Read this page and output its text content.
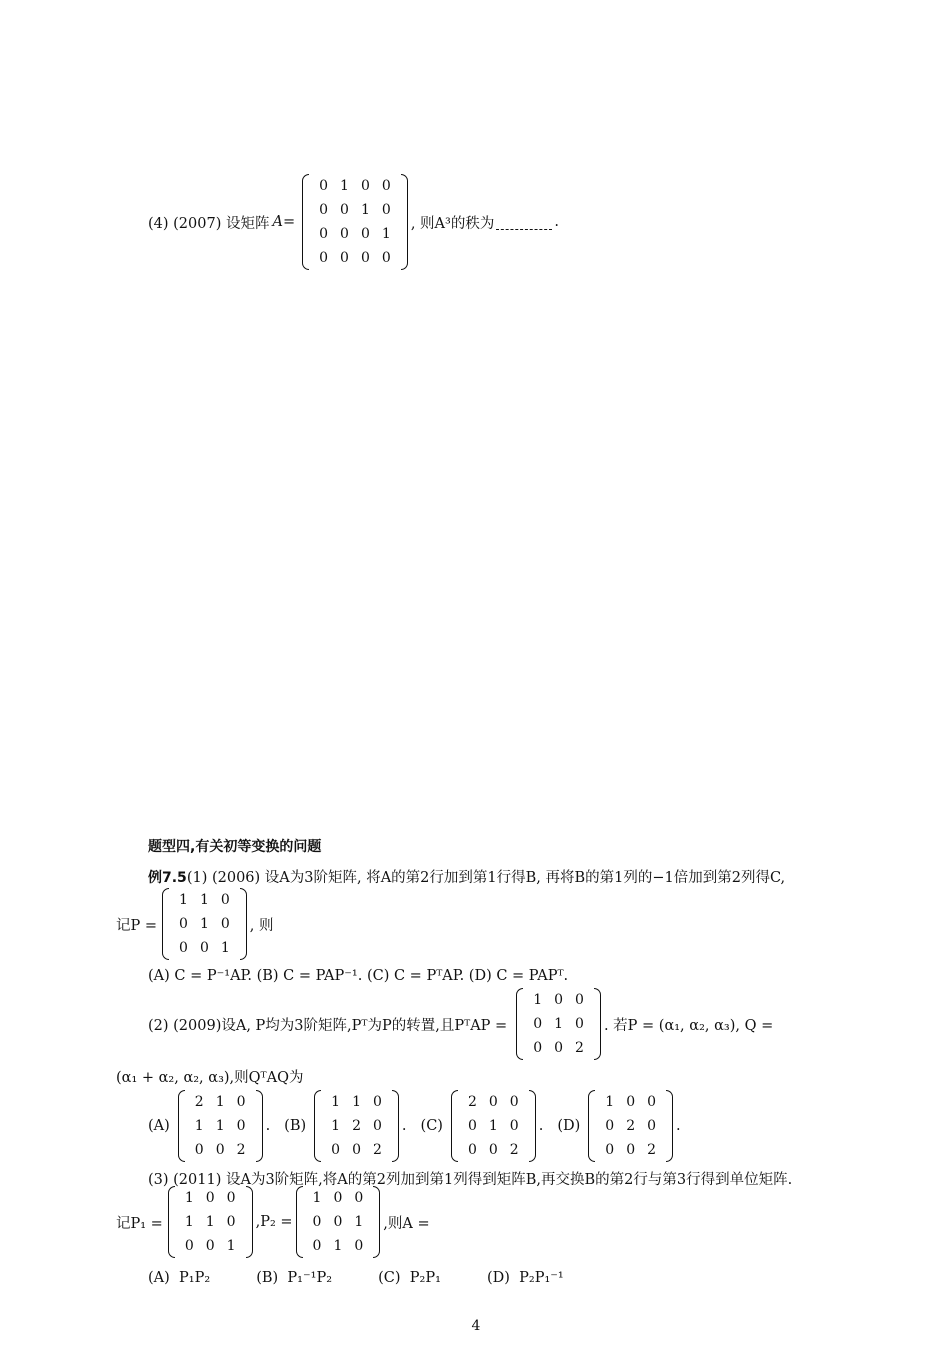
(4) (2007) 设矩阵 A =
0	1	0	0
0	0	1	0
0	0	0	1
0	0	0	0
, 则A³的秩为	.
题型四,有关初等变换的问题
例7.5 (1) (2006) 设A为3阶矩阵, 将A的第2行加到第1行得B, 再将B的第1列的−1倍加到第2列得C,
记P =
1	1	0
0	1	0
0	0	1
, 则
(A) C = P⁻¹AP. (B) C = PAP⁻¹. (C) C = PᵀAP. (D) C = PAPᵀ.
(2) (2009)设A, P均为3阶矩阵,Pᵀ为P的转置,且PᵀAP =
1	0	0
0	1	0
0	0	2
. 若P = (α₁, α₂, α₃), Q =
(α₁ + α₂, α₂, α₃),则QᵀAQ为
(A)
2	1	0
1	1	0
0	0	2
. (B)
1	1	0
1	2	0
0	0	2
. (C)
2	0	0
0	1	0
0	0	2
. (D)
1	0	0
0	2	0
0	0	2
.
(3) (2011) 设A为3阶矩阵,将A的第2列加到第1列得到矩阵B,再交换B的第2行与第3行得到单位矩阵.
记P₁ =
1	0	0
1	1	0
0	0	1
,P₂ =
1	0	0
0	0	1
0	1	0
,则A =
(A)  P₁P₂          (B)  P₁⁻¹P₂          (C)  P₂P₁          (D)  P₂P₁⁻¹
4
